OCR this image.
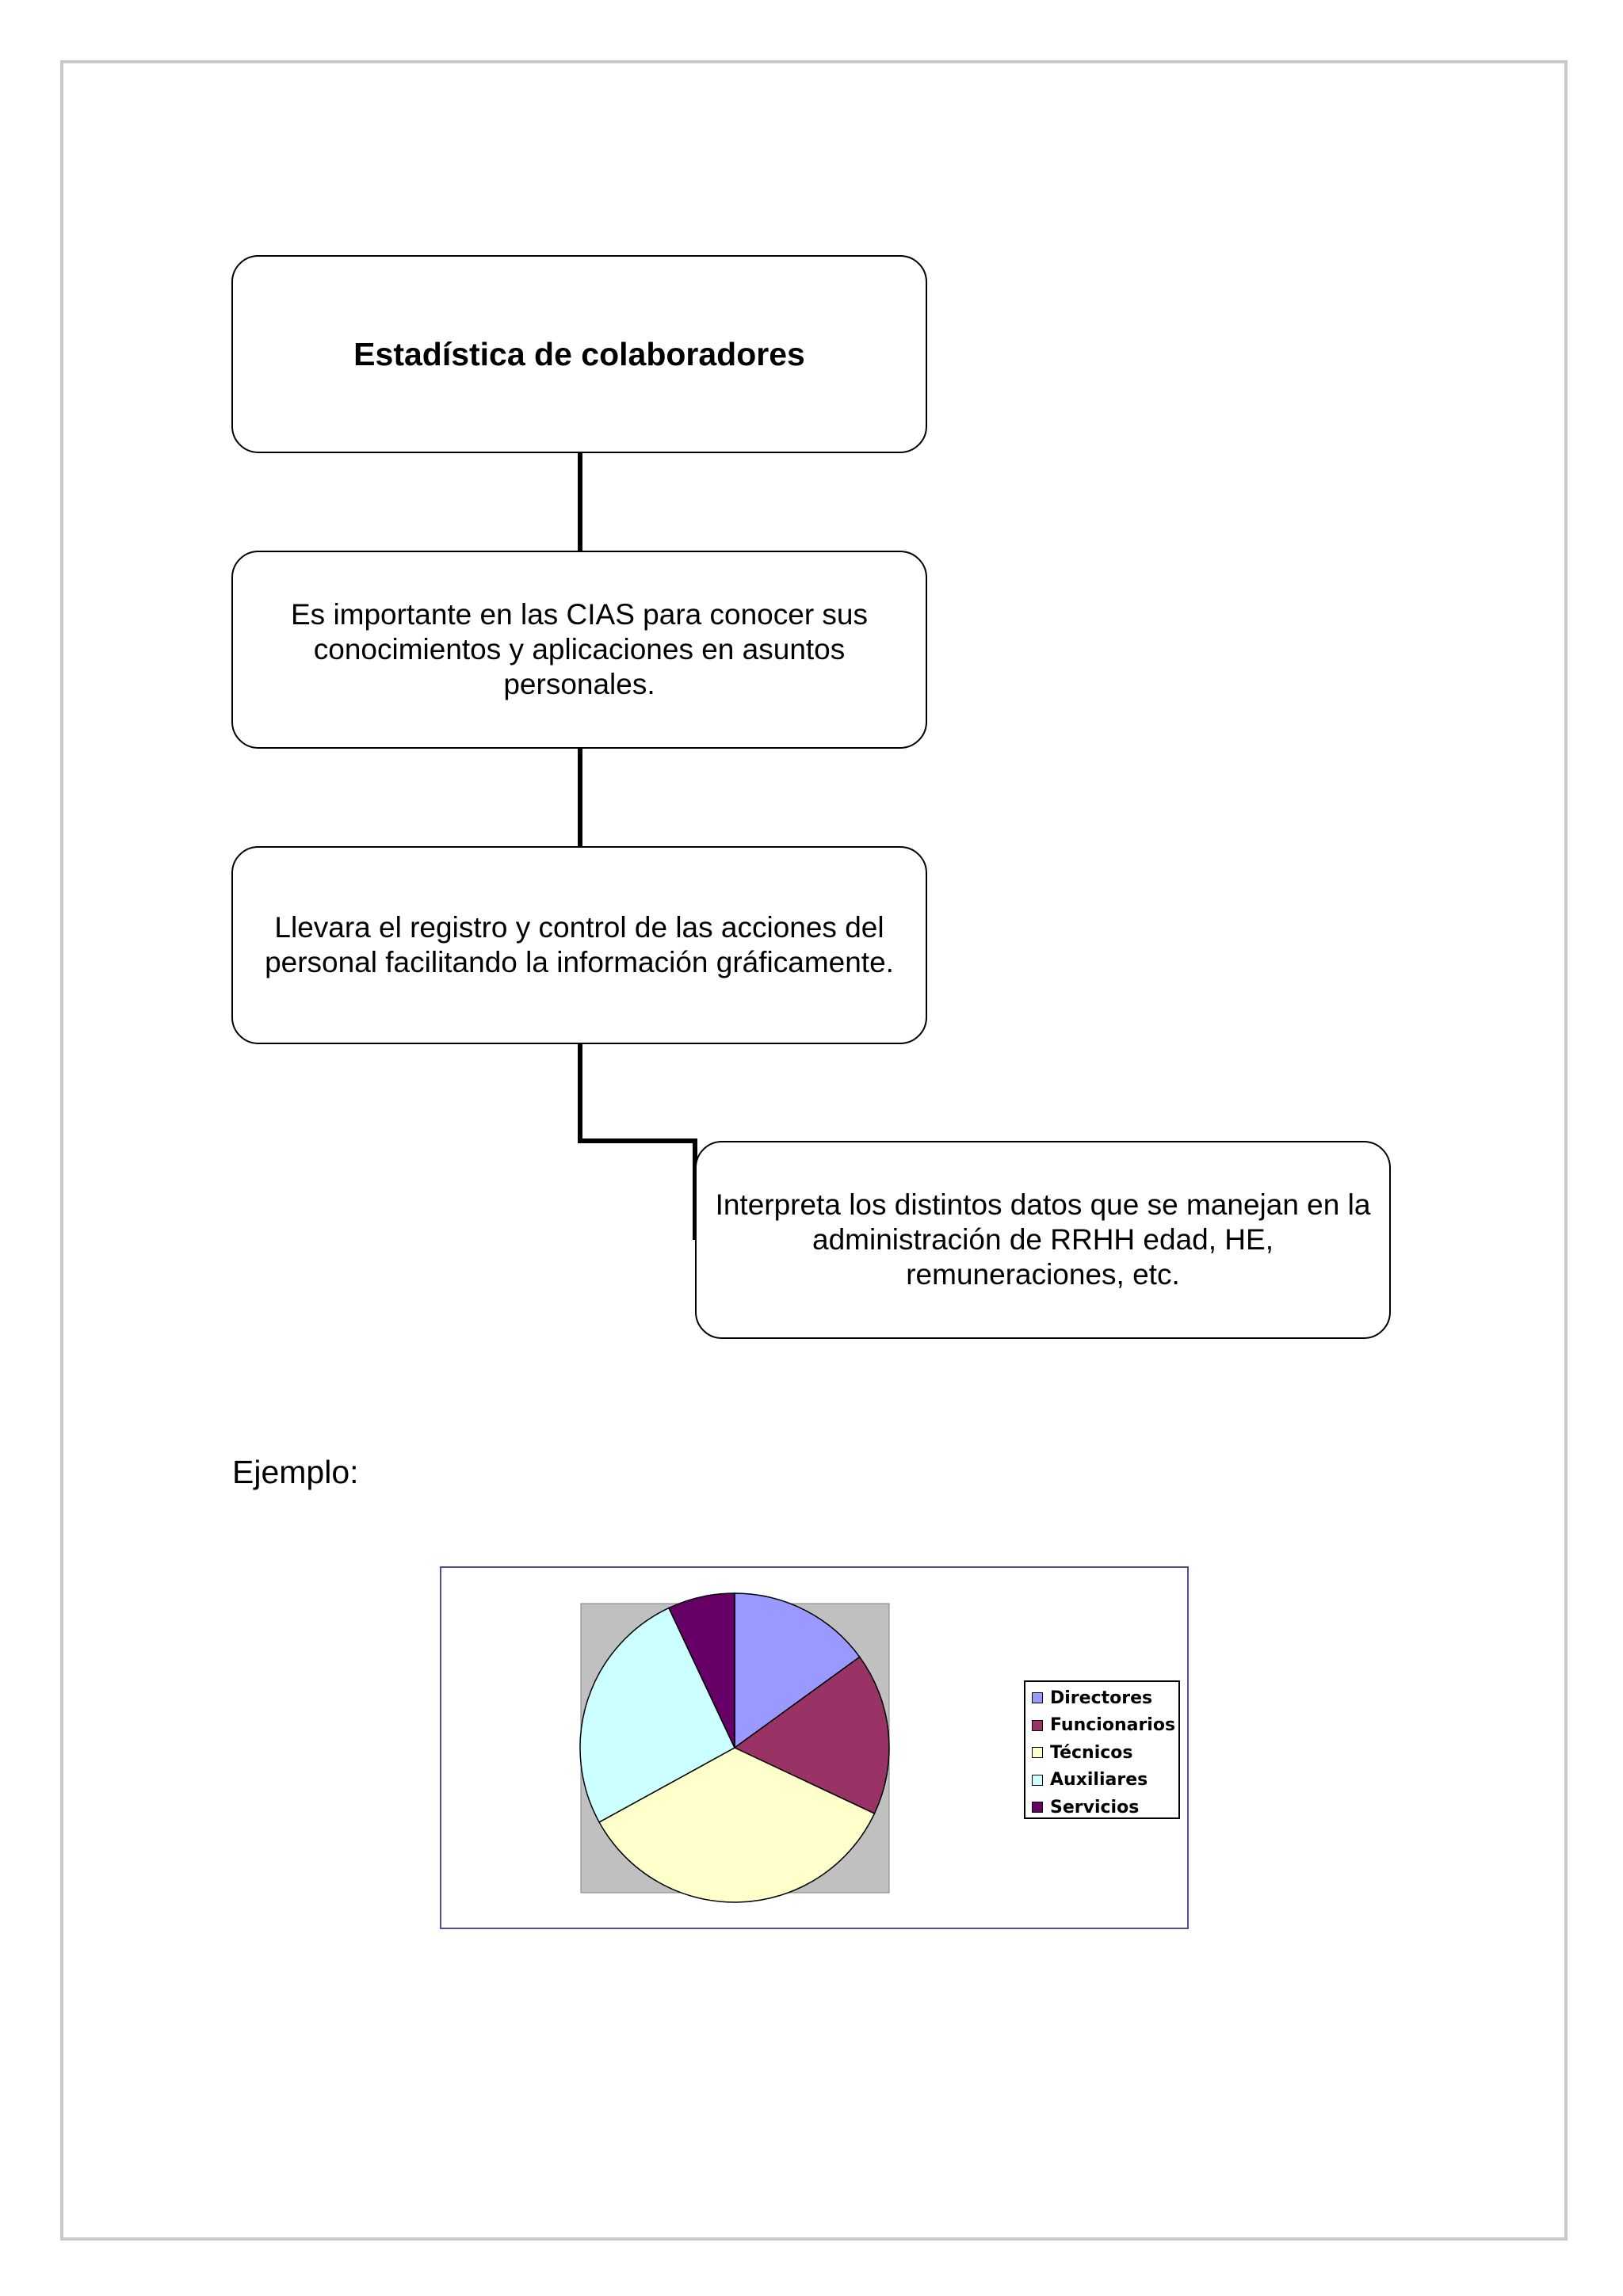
Estadística de colaboradores
Es importante en las CIAS para conocer sus conocimientos y aplicaciones en asuntos personales.
Llevara el registro y control de las acciones del personal facilitando la información gráficamente.
Interpreta los distintos datos que se manejan en la administración de RRHH edad, HE, remuneraciones, etc.
Ejemplo:
Directores
Funcionarios
Técnicos
Auxiliares
Servicios
